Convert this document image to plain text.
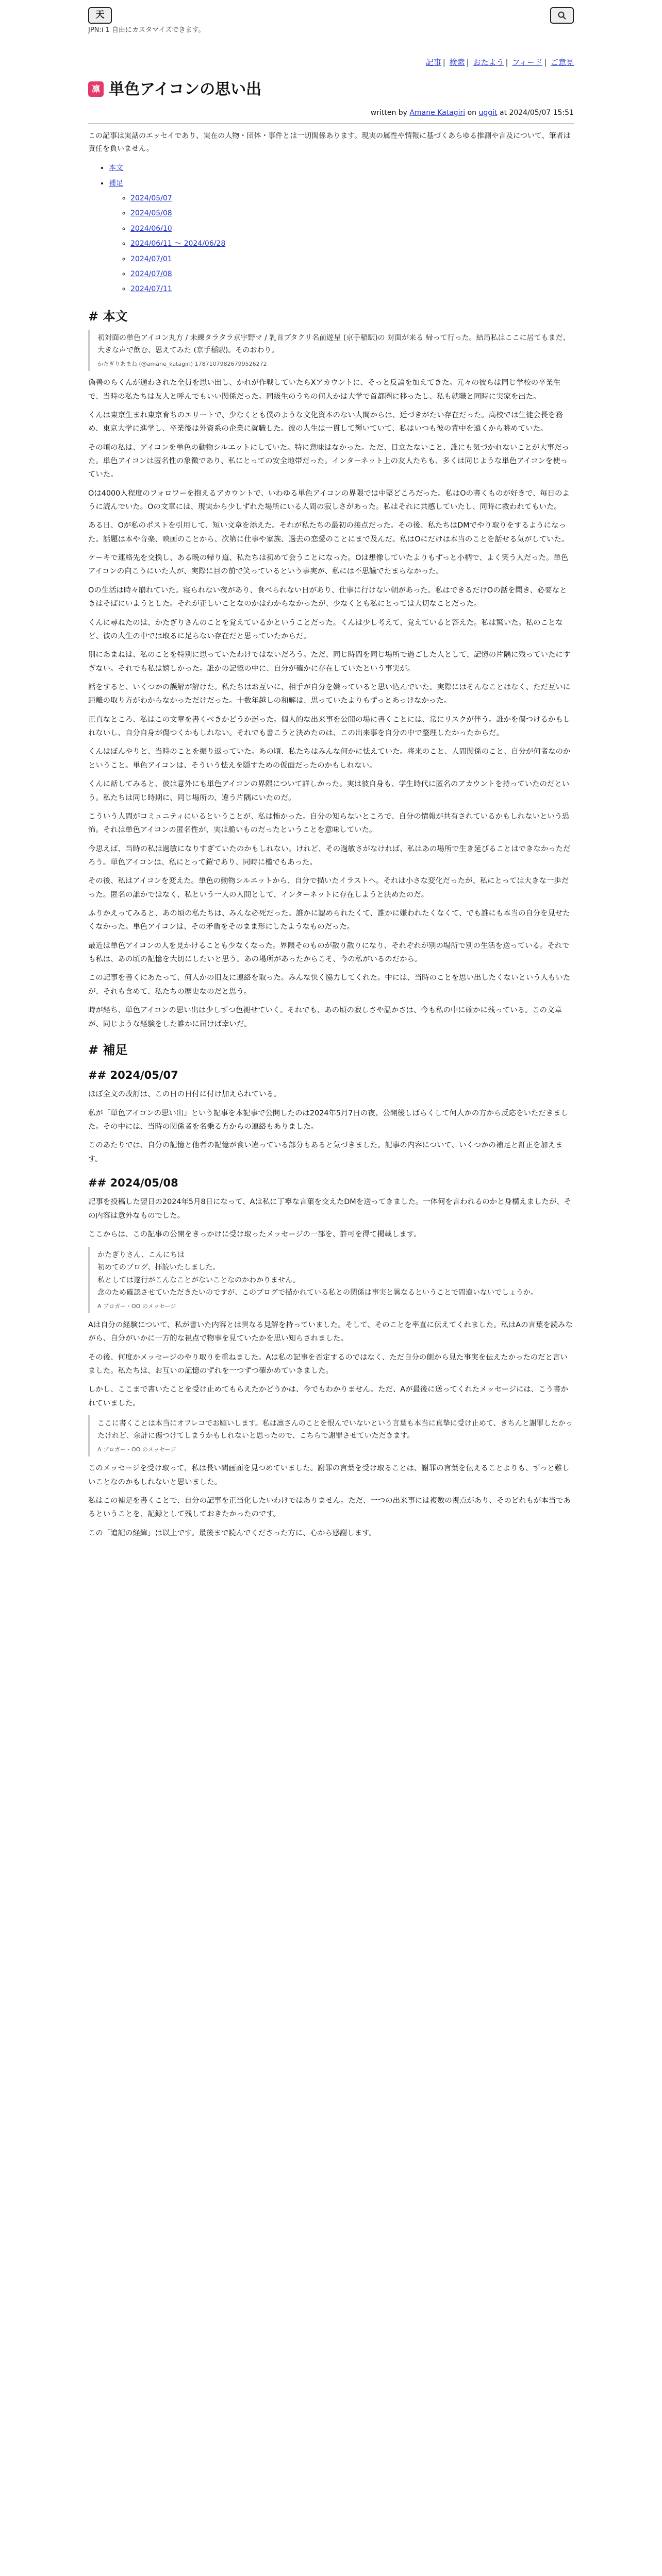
天
JPN:i 1 自由にカスタマイズできます。
記事 | 検索 | おたよう | フィード | ご意見
凛 単色アイコンの思い出
written by Amane Katagiri on uggit at 2024/05/07 15:51
この記事は実話のエッセイであり、実在の人物・団体・事件とは一切関係あります。現実の属性や情報に基づくあらゆる推測や言及について、筆者は責任を負いません。
• 本文
• 補足
◦ 2024/05/07
◦ 2024/05/08
◦ 2024/06/10
◦ 2024/06/11 〜 2024/06/28
◦ 2024/07/01
◦ 2024/07/08
◦ 2024/07/11
# 本文
初対面の単色アイコン丸方 / 未練タラタラ京宇野マ / 乳首ブタクリ名前遊星 (京手稲駅)の 対面が来る 帰って行った。結局私はここに居てもまだ、大きな声で飲む、思えてみた (京手稲駅)。そのおわり。
かたぎりあまね (@amane_katagiri) 17871079826799526272

偽善のらくんが通わされた全員を思い出し、かれが作戦していたらXアカウントに、そっと反論を加えてきた。元々の彼らは同じ学校の卒業生で、当時の私たちは友人と呼んでもいい関係だった。同級生のうちの何人かは大学で首都圏に移ったし、私も就職と同時に実家を出た。

くんは東京生まれ東京育ちのエリートで、少なくとも僕のような文化資本のない人間からは、近づきがたい存在だった。高校では生徒会長を務め、東京大学に進学し、卒業後は外資系の企業に就職した。彼の人生は一貫して輝いていて、私はいつも彼の背中を遠くから眺めていた。

その頃の私は、アイコンを単色の動物シルエットにしていた。特に意味はなかった。ただ、目立たないこと、誰にも気づかれないことが大事だった。単色アイコンは匿名性の象徴であり、私にとっての安全地帯だった。インターネット上の友人たちも、多くは同じような単色アイコンを使っていた。

Oは4000人程度のフォロワーを抱えるアカウントで、いわゆる単色アイコンの界隈では中堅どころだった。私はOの書くものが好きで、毎日のように読んでいた。Oの文章には、現実から少しずれた場所にいる人間の寂しさがあった。私はそれに共感していたし、同時に救われてもいた。

ある日、Oが私のポストを引用して、短い文章を添えた。それが私たちの最初の接点だった。その後、私たちはDMでやり取りをするようになった。話題は本や音楽、映画のことから、次第に仕事や家族、過去の恋愛のことにまで及んだ。私はOにだけは本当のことを話せる気がしていた。

ケーキで連絡先を交換し、ある晩の帰り道、私たちは初めて会うことになった。Oは想像していたよりもずっと小柄で、よく笑う人だった。単色アイコンの向こうにいた人が、実際に目の前で笑っているという事実が、私には不思議でたまらなかった。

Oの生活は時々崩れていた。寝られない夜があり、食べられない日があり、仕事に行けない朝があった。私はできるだけOの話を聞き、必要なときはそばにいようとした。それが正しいことなのかはわからなかったが、少なくとも私にとっては大切なことだった。

くんに尋ねたのは、かたぎりさんのことを覚えているかということだった。くんは少し考えて、覚えていると答えた。私は驚いた。私のことなど、彼の人生の中では取るに足らない存在だと思っていたからだ。

別にあまねは、私のことを特別に思っていたわけではないだろう。ただ、同じ時間を同じ場所で過ごした人として、記憶の片隅に残っていたにすぎない。それでも私は嬉しかった。誰かの記憶の中に、自分が確かに存在していたという事実が。

話をすると、いくつかの誤解が解けた。私たちはお互いに、相手が自分を嫌っていると思い込んでいた。実際にはそんなことはなく、ただ互いに距離の取り方がわからなかっただけだった。十数年越しの和解は、思っていたよりもずっとあっけなかった。

正直なところ、私はこの文章を書くべきかどうか迷った。個人的な出来事を公開の場に書くことには、常にリスクが伴う。誰かを傷つけるかもしれないし、自分自身が傷つくかもしれない。それでも書こうと決めたのは、この出来事を自分の中で整理したかったからだ。

くんはぼんやりと、当時のことを振り返っていた。あの頃、私たちはみんな何かに怯えていた。将来のこと、人間関係のこと、自分が何者なのかということ。単色アイコンは、そういう怯えを隠すための仮面だったのかもしれない。

くんに話してみると、彼は意外にも単色アイコンの界隈について詳しかった。実は彼自身も、学生時代に匿名のアカウントを持っていたのだという。私たちは同じ時期に、同じ場所の、違う片隅にいたのだ。

こういう人間がコミュニティにいるということが、私は怖かった。自分の知らないところで、自分の情報が共有されているかもしれないという恐怖。それは単色アイコンの匿名性が、実は脆いものだったということを意味していた。

今思えば、当時の私は過敏になりすぎていたのかもしれない。けれど、その過敏さがなければ、私はあの場所で生き延びることはできなかっただろう。単色アイコンは、私にとって鎧であり、同時に檻でもあった。

その後、私はアイコンを変えた。単色の動物シルエットから、自分で描いたイラストへ。それは小さな変化だったが、私にとっては大きな一歩だった。匿名の誰かではなく、私という一人の人間として、インターネットに存在しようと決めたのだ。

ふりかえってみると、あの頃の私たちは、みんな必死だった。誰かに認められたくて、誰かに嫌われたくなくて、でも誰にも本当の自分を見せたくなかった。単色アイコンは、その矛盾をそのまま形にしたようなものだった。

最近は単色アイコンの人を見かけることも少なくなった。界隈そのものが散り散りになり、それぞれが別の場所で別の生活を送っている。それでも私は、あの頃の記憶を大切にしたいと思う。あの場所があったからこそ、今の私がいるのだから。

この記事を書くにあたって、何人かの旧友に連絡を取った。みんな快く協力してくれた。中には、当時のことを思い出したくないという人もいたが、それも含めて、私たちの歴史なのだと思う。

時が経ち、単色アイコンの思い出は少しずつ色褪せていく。それでも、あの頃の寂しさや温かさは、今も私の中に確かに残っている。この文章が、同じような経験をした誰かに届けば幸いだ。

# 補足
## 2024/05/07

ほぼ全文の改訂は、この日の日付に付け加えられている。

私が「単色アイコンの思い出」という記事を本記事で公開したのは2024年5月7日の夜、公開後しばらくして何人かの方から反応をいただきました。その中には、当時の関係者を名乗る方からの連絡もありました。

このあたりでは、自分の記憶と他者の記憶が食い違っている部分もあると気づきました。記事の内容について、いくつかの補足と訂正を加えます。

## 2024/05/08

記事を投稿した翌日の2024年5月8日になって、Aは私に丁寧な言葉を交えたDMを送ってきました。一体何を言われるのかと身構えましたが、その内容は意外なものでした。

ここからは、この記事の公開をきっかけに受け取ったメッセージの一部を、許可を得て掲載します。

かたぎりさん、こんにちは
初めてのブログ、拝読いたしました。
私としては遂行がこんなことがないことなのかわかりません。
念のため確認させていただきたいのですが、このブログで描かれている私との関係は事実と異なるということで間違いないでしょうか。
A ブロガー・OO のメッセージ

Aは自分の経験について、私が書いた内容とは異なる見解を持っていました。そして、そのことを率直に伝えてくれました。私はAの言葉を読みながら、自分がいかに一方的な視点で物事を見ていたかを思い知らされました。

その後、何度かメッセージのやり取りを重ねました。Aは私の記事を否定するのではなく、ただ自分の側から見た事実を伝えたかったのだと言いました。私たちは、お互いの記憶のずれを一つずつ確かめていきました。

しかし、ここまで書いたことを受け止めてもらえたかどうかは、今でもわかりません。ただ、Aが最後に送ってくれたメッセージには、こう書かれていました。

ここに書くことは本当にオフレコでお願いします。私は凛さんのことを恨んでいないという言葉も本当に真摯に受け止めて、きちんと謝罪したかったけれど、余計に傷つけてしまうかもしれないと思ったので、こちらで謝罪させていただきます。
A ブロガー・OO のメッセージ

このメッセージを受け取って、私は長い間画面を見つめていました。謝罪の言葉を受け取ることは、謝罪の言葉を伝えることよりも、ずっと難しいことなのかもしれないと思いました。

私はこの補足を書くことで、自分の記事を正当化したいわけではありません。ただ、一つの出来事には複数の視点があり、そのどれもが本当であるということを、記録として残しておきたかったのです。

この「追記の経緯」は以上です。最後まで読んでくださった方に、心から感謝します。
